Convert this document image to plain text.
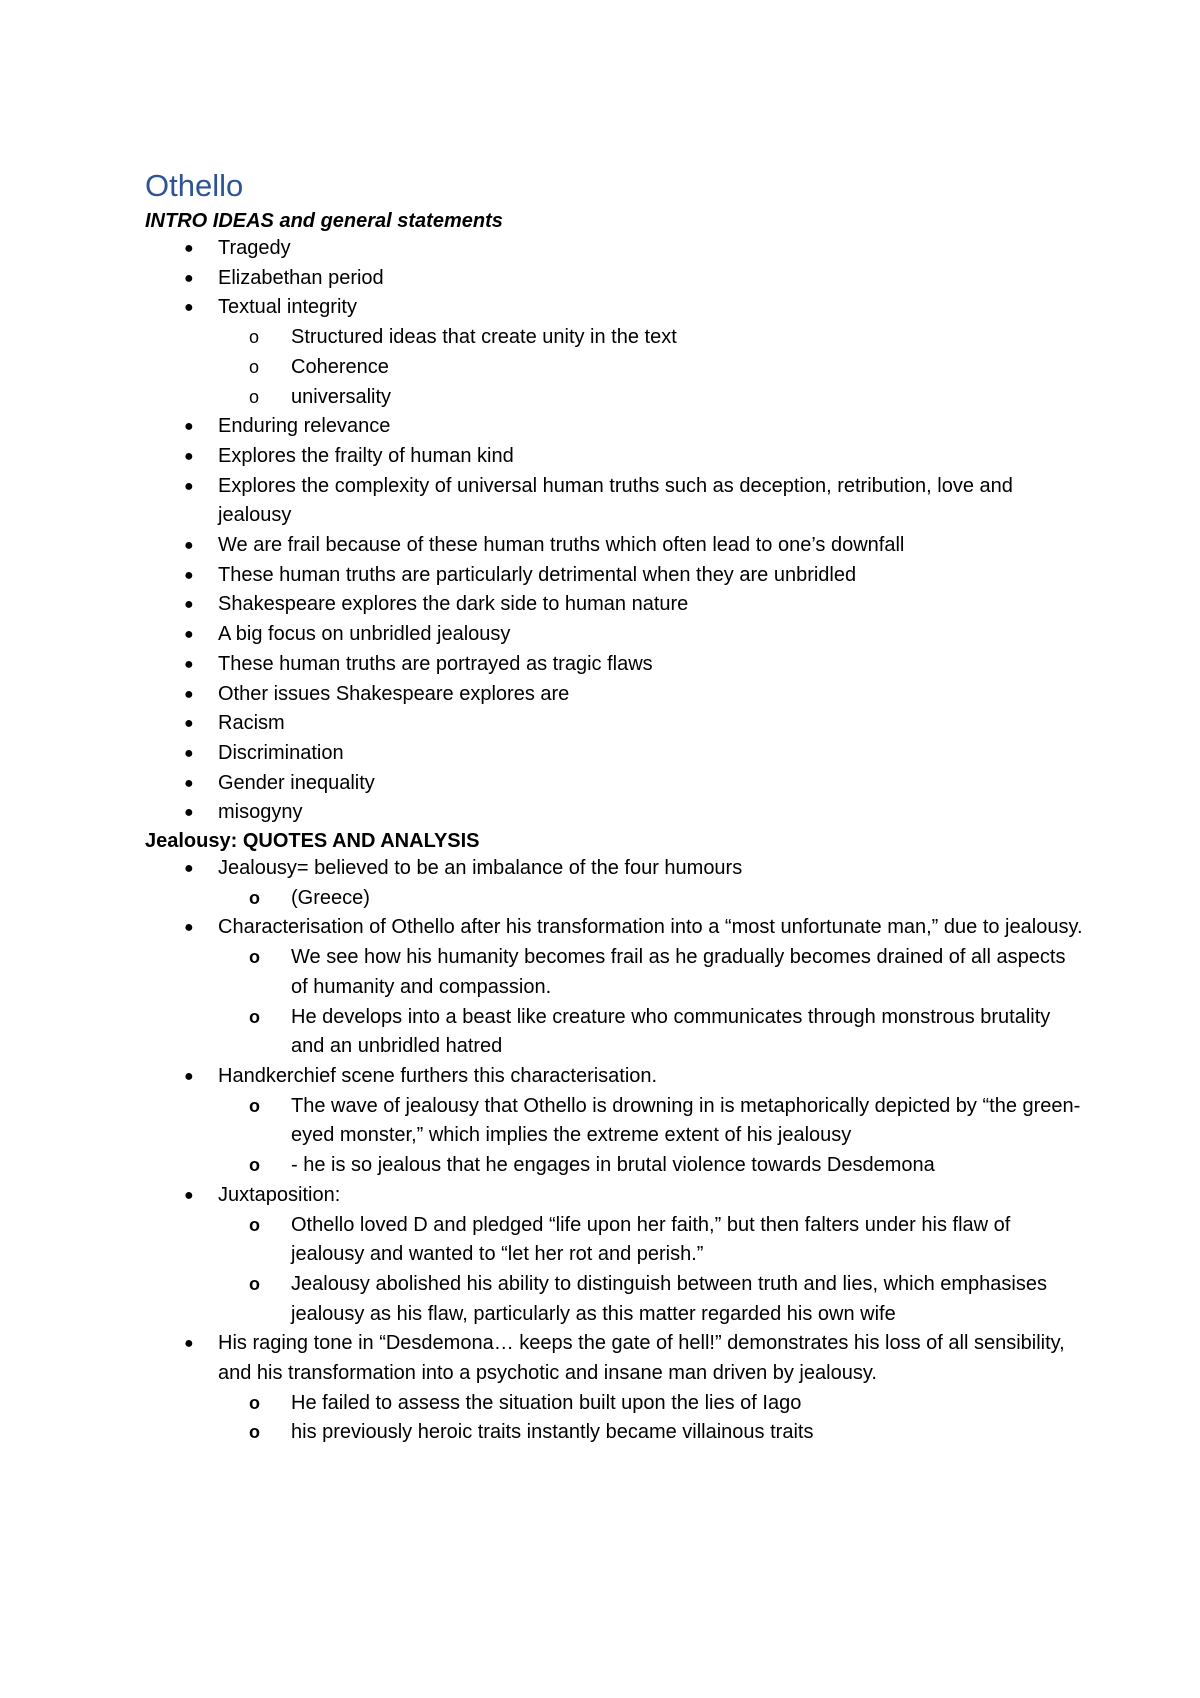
Othello

INTRO IDEAS and general statements

● Tragedy
● Elizabethan period
● Textual integrity
o Structured ideas that create unity in the text
o Coherence
o universality
● Enduring relevance
● Explores the frailty of human kind
● Explores the complexity of universal human truths such as deception, retribution, love and jealousy
● We are frail because of these human truths which often lead to one’s downfall
● These human truths are particularly detrimental when they are unbridled
● Shakespeare explores the dark side to human nature
● A big focus on unbridled jealousy
● These human truths are portrayed as tragic flaws
● Other issues Shakespeare explores are
● Racism
● Discrimination
● Gender inequality
● misogyny

Jealousy: QUOTES AND ANALYSIS

● Jealousy= believed to be an imbalance of the four humours
o (Greece)
● Characterisation of Othello after his transformation into a “most unfortunate man,” due to jealousy.
o We see how his humanity becomes frail as he gradually becomes drained of all aspects of humanity and compassion.
o He develops into a beast like creature who communicates through monstrous brutality and an unbridled hatred
● Handkerchief scene furthers this characterisation.
o The wave of jealousy that Othello is drowning in is metaphorically depicted by “the green- eyed monster,” which implies the extreme extent of his jealousy
o - he is so jealous that he engages in brutal violence towards Desdemona
● Juxtaposition:
o Othello loved D and pledged “life upon her faith,” but then falters under his flaw of jealousy and wanted to “let her rot and perish.”
o Jealousy abolished his ability to distinguish between truth and lies, which emphasises jealousy as his flaw, particularly as this matter regarded his own wife
● His raging tone in “Desdemona… keeps the gate of hell!” demonstrates his loss of all sensibility, and his transformation into a psychotic and insane man driven by jealousy.
o He failed to assess the situation built upon the lies of Iago
o his previously heroic traits instantly became villainous traits
